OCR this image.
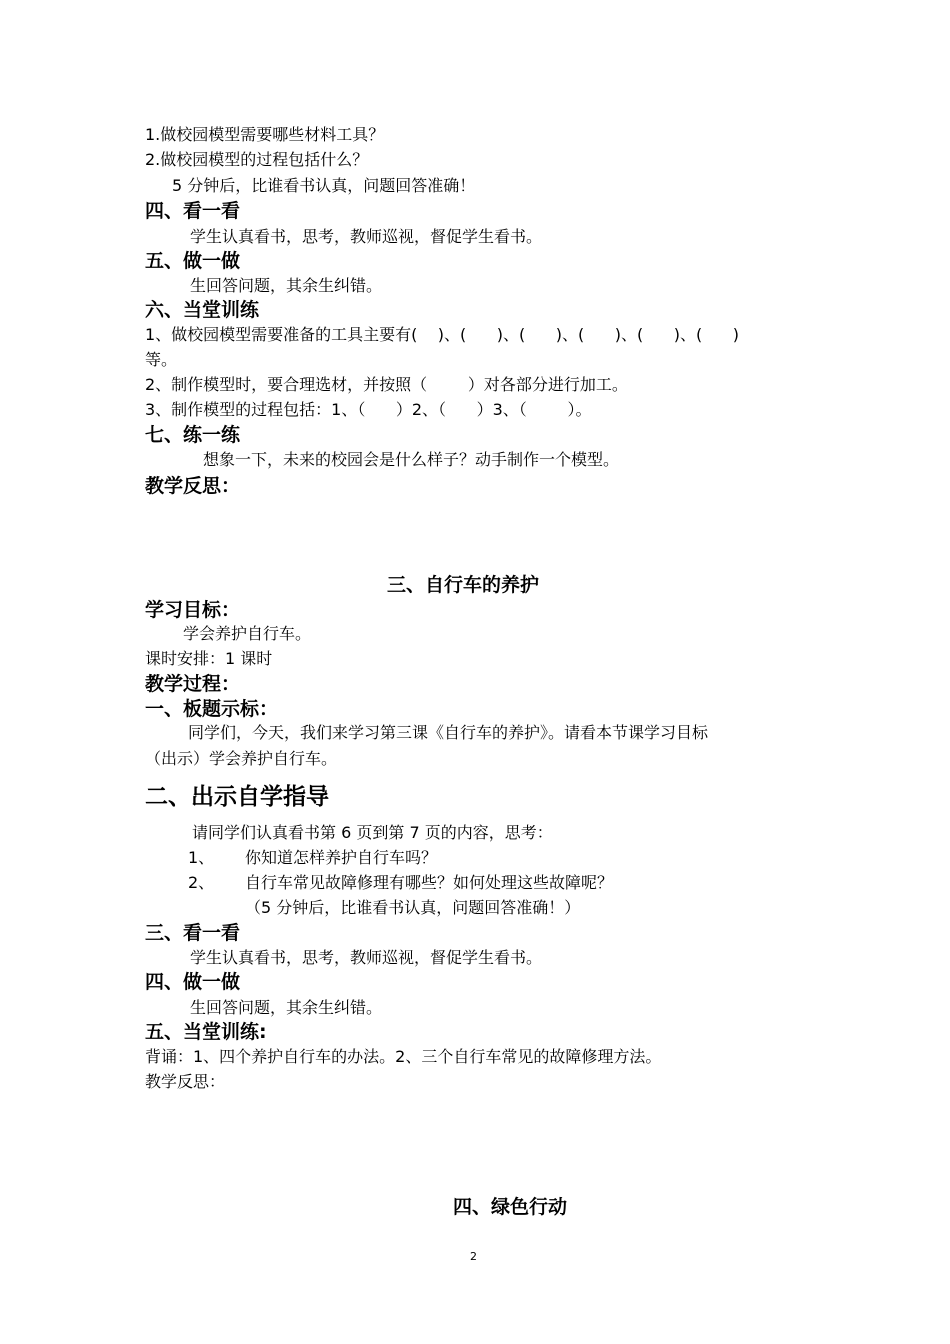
1.做校园模型需要哪些材料工具？
2.做校园模型的过程包括什么？
5 分钟后，比谁看书认真，问题回答准确！
四、看一看
学生认真看书，思考，教师巡视，督促学生看书。
五、做一做
生回答问题，其余生纠错。
六、当堂训练
1、做校园模型需要准备的工具主要有(    )、(      )、(      )、(      )、(      )、(      )
等。
2、制作模型时，要合理选材，并按照（        ）对各部分进行加工。
3、制作模型的过程包括：1、（      ）2、（      ）3、（        ）。
七、练一练
想象一下，未来的校园会是什么样子？动手制作一个模型。
教学反思：
三、自行车的养护
学习目标：
学会养护自行车。
课时安排：1 课时
教学过程：
一、板题示标：
同学们，今天，我们来学习第三课《自行车的养护》。请看本节课学习目标
（出示）学会养护自行车。
二、出示自学指导
请同学们认真看书第 6 页到第 7 页的内容，思考：
1、 你知道怎样养护自行车吗？
2、 自行车常见故障修理有哪些？如何处理这些故障呢？
（5 分钟后，比谁看书认真，问题回答准确！）
三、看一看
学生认真看书，思考，教师巡视，督促学生看书。
四、做一做
生回答问题，其余生纠错。
五、当堂训练:
背诵：1、四个养护自行车的办法。2、三个自行车常见的故障修理方法。
教学反思：
四、绿色行动
2
